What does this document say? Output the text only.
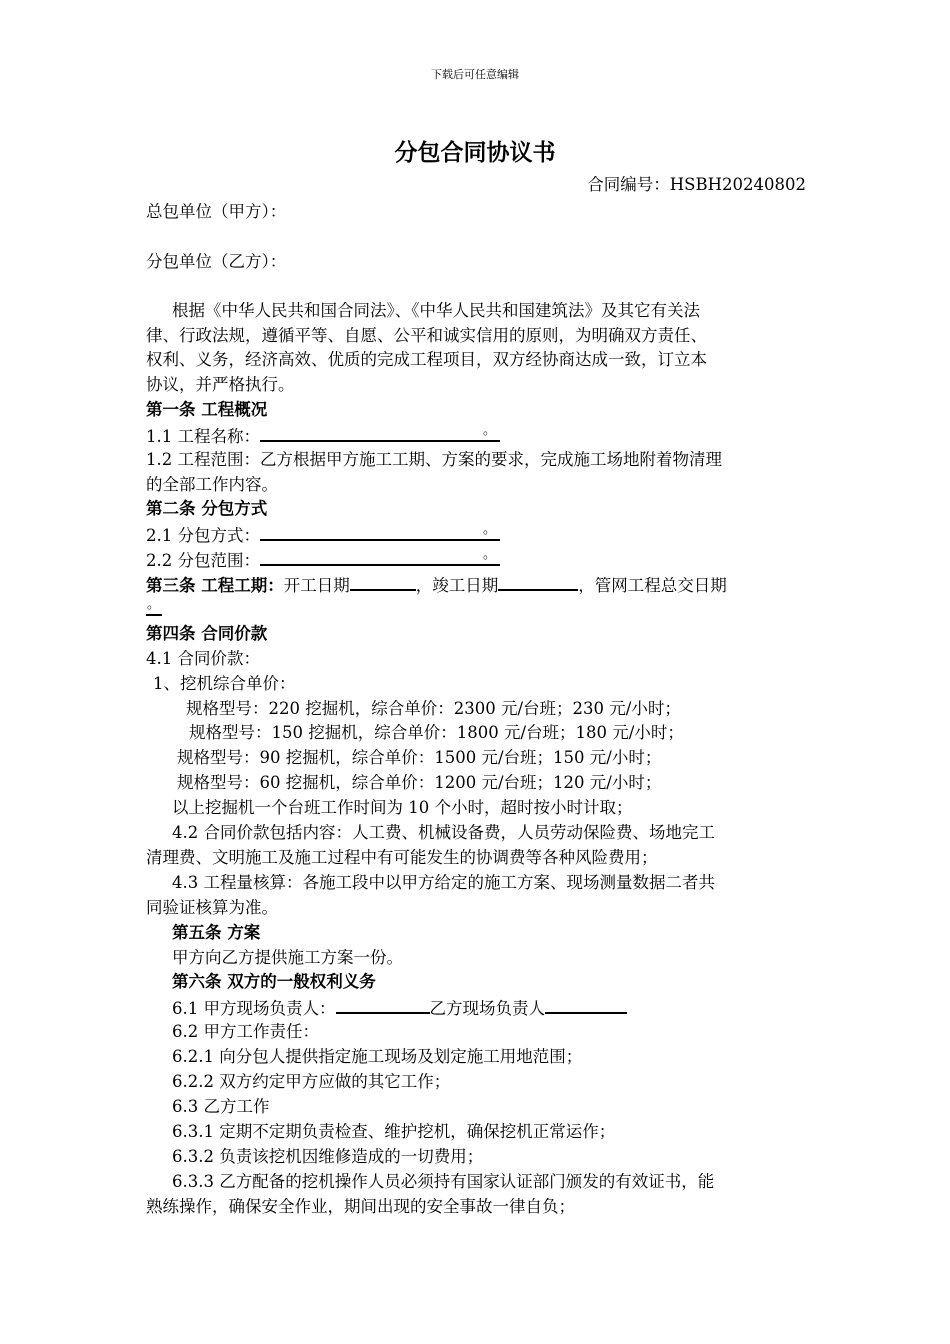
下载后可任意编辑
分包合同协议书
合同编号：HSBH20240802
总包单位（甲方）：
分包单位（乙方）：
根据《中华人民共和国合同法》、《中华人民共和国建筑法》及其它有关法
律、行政法规，遵循平等、自愿、公平和诚实信用的原则，为明确双方责任、
权利、义务，经济高效、优质的完成工程项目，双方经协商达成一致，订立本
协议，并严格执行。
第一条 工程概况
1.1 工程名称：	。
1.2 工程范围：乙方根据甲方施工工期、方案的要求，完成施工场地附着物清理
的全部工作内容。
第二条 分包方式
2.1 分包方式：	。
2.2 分包范围：	。
第三条 工程工期：开工日期	，竣工日期	，管网工程总交日期
。
第四条 合同价款
4.1 合同价款：
1、挖机综合单价：
规格型号：220 挖掘机，综合单价：2300 元/台班；230 元/小时；
规格型号：150 挖掘机，综合单价：1800 元/台班；180 元/小时；
规格型号：90 挖掘机，综合单价：1500 元/台班；150 元/小时；
规格型号：60 挖掘机，综合单价：1200 元/台班；120 元/小时；
以上挖掘机一个台班工作时间为 10 个小时，超时按小时计取；
4.2 合同价款包括内容：人工费、机械设备费，人员劳动保险费、场地完工
清理费、文明施工及施工过程中有可能发生的协调费等各种风险费用；
4.3 工程量核算：各施工段中以甲方给定的施工方案、现场测量数据二者共
同验证核算为准。
第五条 方案
甲方向乙方提供施工方案一份。
第六条 双方的一般权利义务
6.1 甲方现场负责人：	乙方现场负责人
6.2 甲方工作责任：
6.2.1 向分包人提供指定施工现场及划定施工用地范围；
6.2.2 双方约定甲方应做的其它工作；
6.3 乙方工作
6.3.1 定期不定期负责检查、维护挖机，确保挖机正常运作；
6.3.2 负责该挖机因维修造成的一切费用；
6.3.3 乙方配备的挖机操作人员必须持有国家认证部门颁发的有效证书，能
熟练操作，确保安全作业，期间出现的安全事故一律自负；
